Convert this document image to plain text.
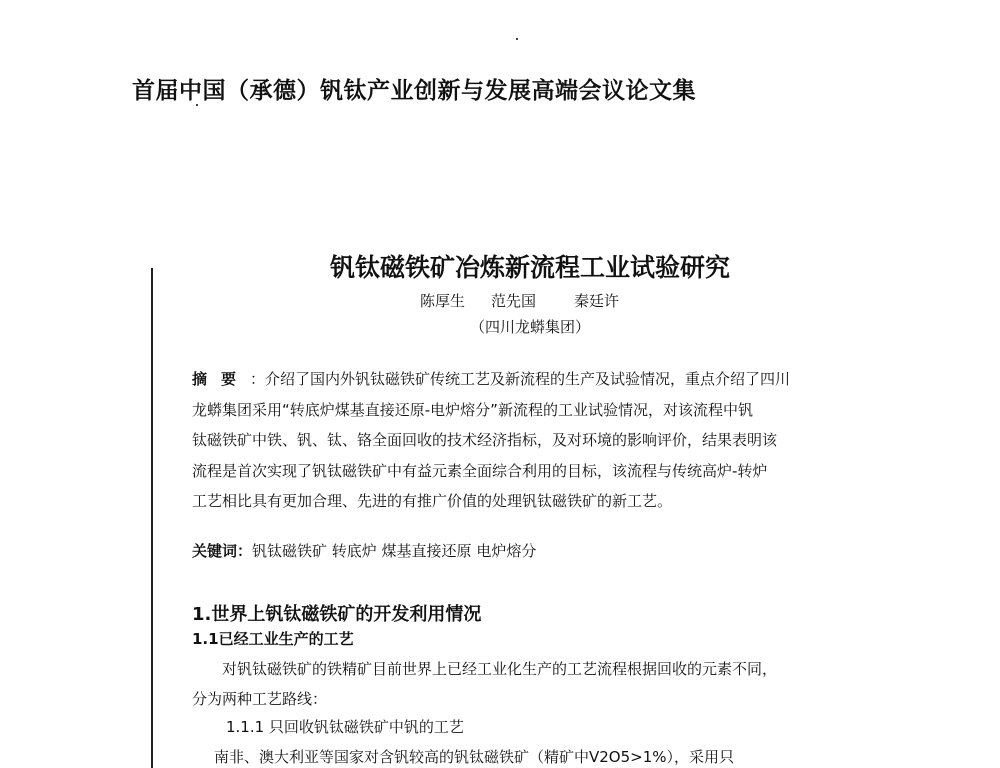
首届中国（承德）钒钛产业创新与发展高端会议论文集
钒钛磁铁矿冶炼新流程工业试验研究
陈厚生 范先国	秦廷许
（四川龙蟒集团）
摘要：介绍了国内外钒钛磁铁矿传统工艺及新流程的生产及试验情况，重点介绍了四川
龙蟒集团采用“转底炉煤基直接还原-电炉熔分”新流程的工业试验情况，对该流程中钒
钛磁铁矿中铁、钒、钛、铬全面回收的技术经济指标，及对环境的影响评价，结果表明该
流程是首次实现了钒钛磁铁矿中有益元素全面综合利用的目标，该流程与传统高炉-转炉
工艺相比具有更加合理、先进的有推广价值的处理钒钛磁铁矿的新工艺。
关键词：钒钛磁铁矿 转底炉 煤基直接还原 电炉熔分
1.世界上钒钛磁铁矿的开发利用情况
1.1已经工业生产的工艺
对钒钛磁铁矿的铁精矿目前世界上已经工业化生产的工艺流程根据回收的元素不同，
分为两种工艺路线：
1.1.1 只回收钒钛磁铁矿中钒的工艺
南非、澳大利亚等国家对含钒较高的钒钛磁铁矿（精矿中V2O5>1%），采用只
